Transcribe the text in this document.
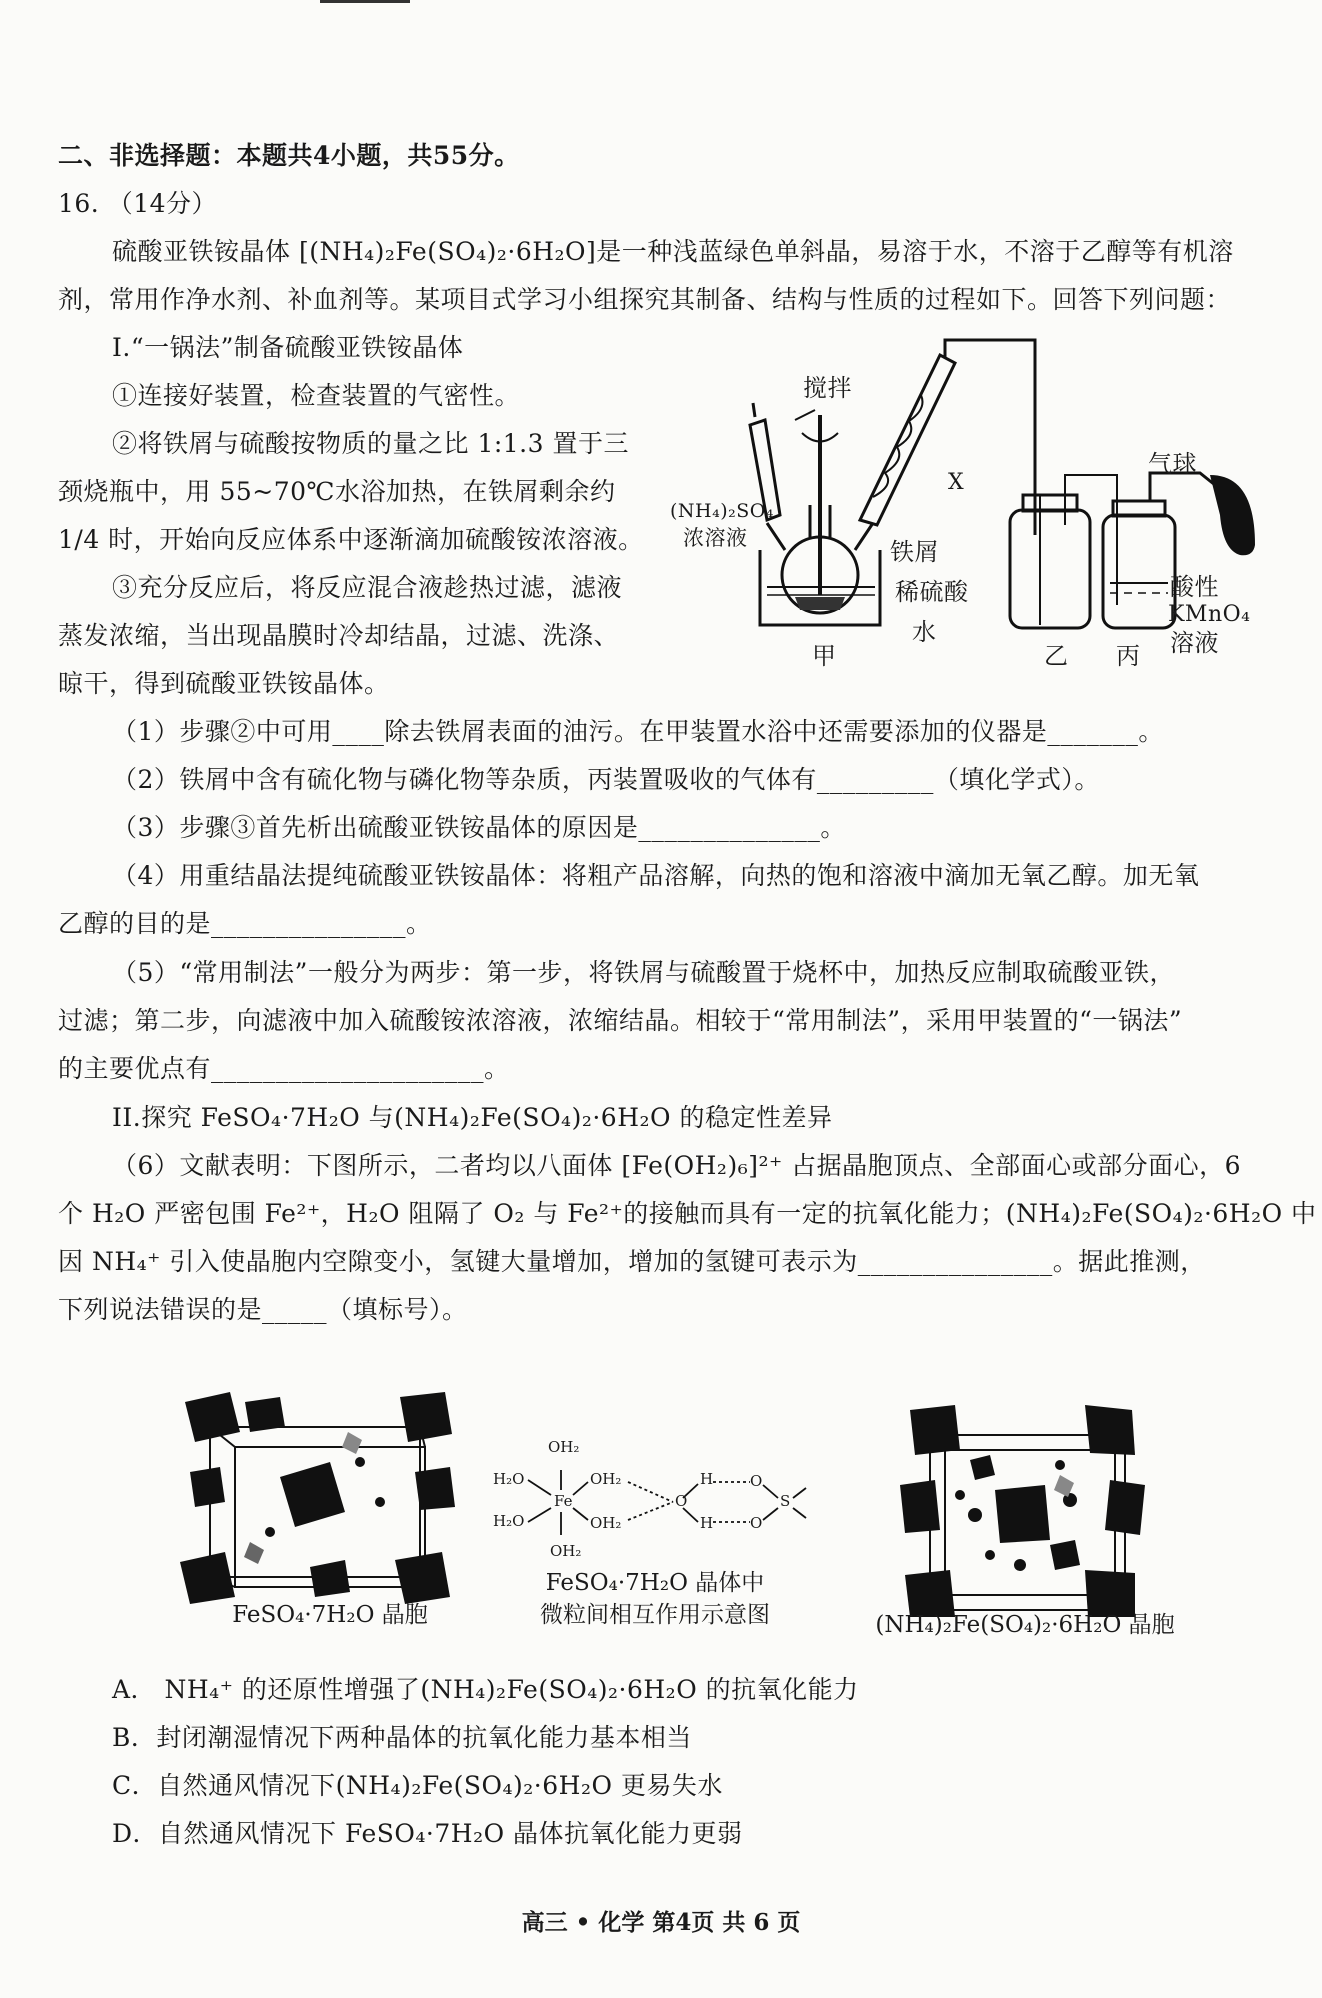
二、非选择题：本题共4小题，共55分。
16. （14分）
硫酸亚铁铵晶体 [(NH₄)₂Fe(SO₄)₂·6H₂O]是一种浅蓝绿色单斜晶，易溶于水，不溶于乙醇等有机溶
剂，常用作净水剂、补血剂等。某项目式学习小组探究其制备、结构与性质的过程如下。回答下列问题：
I.“一锅法”制备硫酸亚铁铵晶体
①连接好装置，检查装置的气密性。
②将铁屑与硫酸按物质的量之比 1:1.3 置于三
颈烧瓶中，用 55~70℃水浴加热，在铁屑剩余约
1/4 时，开始向反应体系中逐渐滴加硫酸铵浓溶液。
③充分反应后，将反应混合液趁热过滤，滤液
蒸发浓缩，当出现晶膜时冷却结晶，过滤、洗涤、
晾干，得到硫酸亚铁铵晶体。
搅拌
X
气球
(NH₄)₂SO₄
浓溶液	铁屑
稀硫酸
水
甲	乙 丙
酸性
KMnO₄
溶液
（1）步骤②中可用____除去铁屑表面的油污。在甲装置水浴中还需要添加的仪器是_______。
（2）铁屑中含有硫化物与磷化物等杂质，丙装置吸收的气体有_________（填化学式）。
（3）步骤③首先析出硫酸亚铁铵晶体的原因是______________。
（4）用重结晶法提纯硫酸亚铁铵晶体：将粗产品溶解，向热的饱和溶液中滴加无氧乙醇。加无氧
乙醇的目的是_______________。
（5）“常用制法”一般分为两步：第一步，将铁屑与硫酸置于烧杯中，加热反应制取硫酸亚铁，
过滤；第二步，向滤液中加入硫酸铵浓溶液，浓缩结晶。相较于“常用制法”，采用甲装置的“一锅法”
的主要优点有_____________________。
II.探究 FeSO₄·7H₂O 与(NH₄)₂Fe(SO₄)₂·6H₂O 的稳定性差异
（6）文献表明：下图所示，二者均以八面体 [Fe(OH₂)₆]²⁺ 占据晶胞顶点、全部面心或部分面心，6
个 H₂O 严密包围 Fe²⁺，H₂O 阻隔了 O₂ 与 Fe²⁺的接触而具有一定的抗氧化能力；(NH₄)₂Fe(SO₄)₂·6H₂O 中
因 NH₄⁺ 引入使晶胞内空隙变小，氢键大量增加，增加的氢键可表示为_______________。据此推测，
下列说法错误的是_____（填标号）。
FeSO₄·7H₂O 晶胞
OH₂
H₂O
H₂O
Fe
OH₂
OH₂
OH₂
H
H
O	S
O
O
FeSO₄·7H₂O 晶体中
微粒间相互作用示意图	(NH₄)₂Fe(SO₄)₂·6H₂O 晶胞
A． NH₄⁺ 的还原性增强了(NH₄)₂Fe(SO₄)₂·6H₂O 的抗氧化能力
B．封闭潮湿情况下两种晶体的抗氧化能力基本相当
C．自然通风情况下(NH₄)₂Fe(SO₄)₂·6H₂O 更易失水
D．自然通风情况下 FeSO₄·7H₂O 晶体抗氧化能力更弱
高三 • 化学 第4页 共 6 页
